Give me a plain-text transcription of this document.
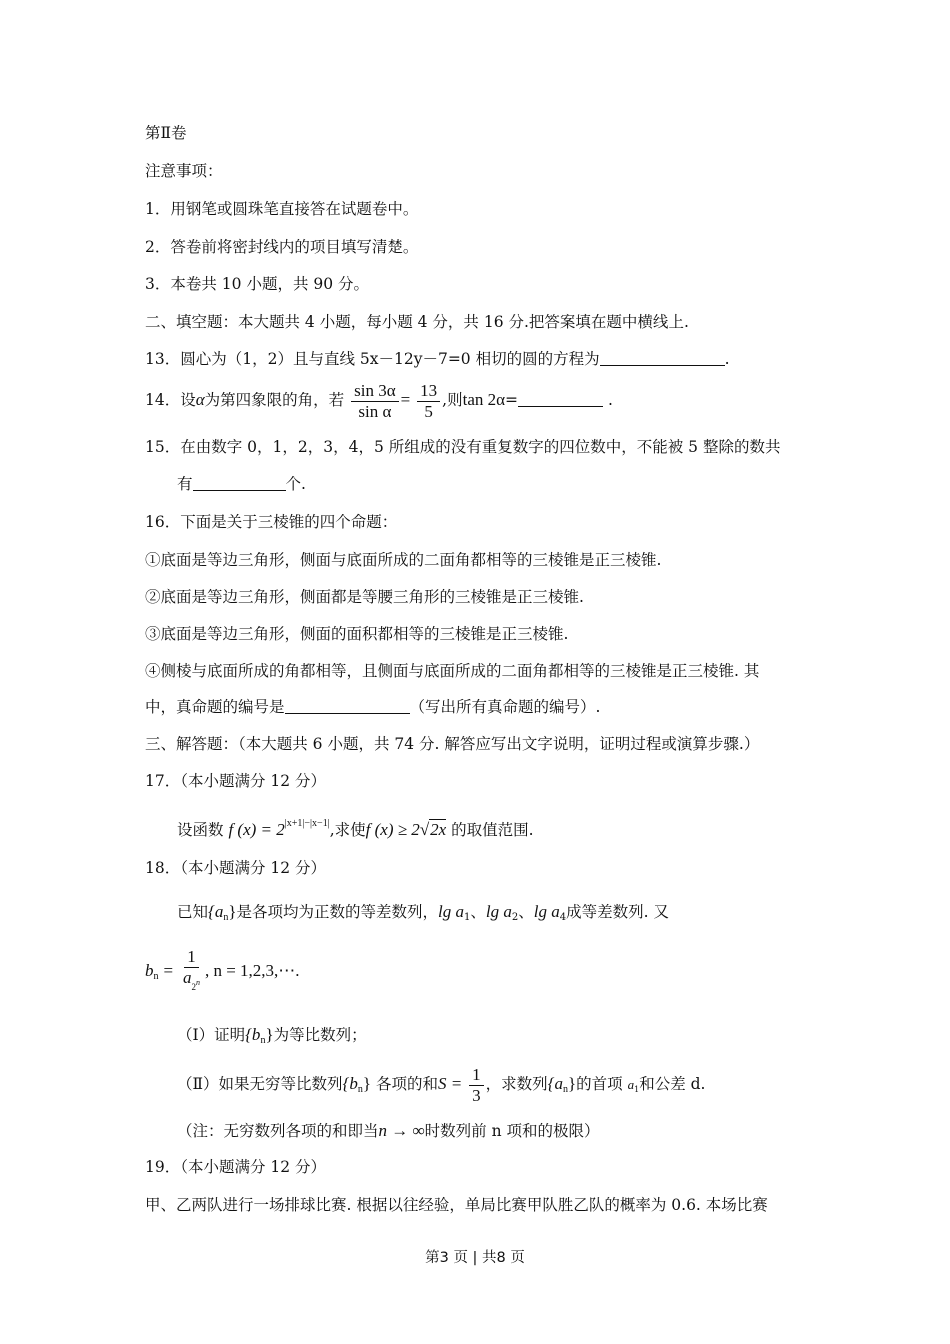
第Ⅱ卷
注意事项：
1．用钢笔或圆珠笔直接答在试题卷中。
2．答卷前将密封线内的项目填写清楚。
3．本卷共 10 小题，共 90 分。
二、填空题：本大题共 4 小题，每小题 4 分，共 16 分.把答案填在题中横线上.
13．圆心为（1，2）且与直线 5x－12y－7=0 相切的圆的方程为	.
14．设α为第四象限的角，若 $\frac{\sin 3\alpha}{\text{sin α}} = \frac{13}{5}$ ,则tan 2α=	.
15．在由数字 0，1，2，3，4，5 所组成的没有重复数字的四位数中，不能被 5 整除的数共
有	个.
16．下面是关于三棱锥的四个命题：
①底面是等边三角形，侧面与底面所成的二面角都相等的三棱锥是正三棱锥.
②底面是等边三角形，侧面都是等腰三角形的三棱锥是正三棱锥.
③底面是等边三角形，侧面的面积都相等的三棱锥是正三棱锥.
④侧棱与底面所成的角都相等，且侧面与底面所成的二面角都相等的三棱锥是正三棱锥. 其
中，真命题的编号是	（写出所有真命题的编号）.
三、解答题：（本大题共 6 小题，共 74 分. 解答应写出文字说明，证明过程或演算步骤.）
17．（本小题满分 12 分）
设函数 f $(x) = 2^{|x+1|-|x-1|}$,求使f (x) ≥ 2√2x 的取值范围.
18．（本小题满分 12 分）
已知$\{a_n\}$是各项均为正数的等差数列，$\lg a_1$、$\lg a_2$、$\lg a_4$成等差数列. 又
$b_n = \frac{1}{a_2^n}$ , n = 1,2,3,⋯.
（Ⅰ）证明$\{b_n\}$为等比数列；
（Ⅱ）如果无穷等比数列$\{b_n\}$ 各项的和$S = \frac{1}{3}$ ，求数列$\{a_n\}$的首项 $a_1$和公差 d.
（注：无穷数列各项的和即当n → ∞时数列前 n 项和的极限）
19．（本小题满分 12 分）
甲、乙两队进行一场排球比赛. 根据以往经验，单局比赛甲队胜乙队的概率为 0.6. 本场比赛
第3 页 | 共8 页
